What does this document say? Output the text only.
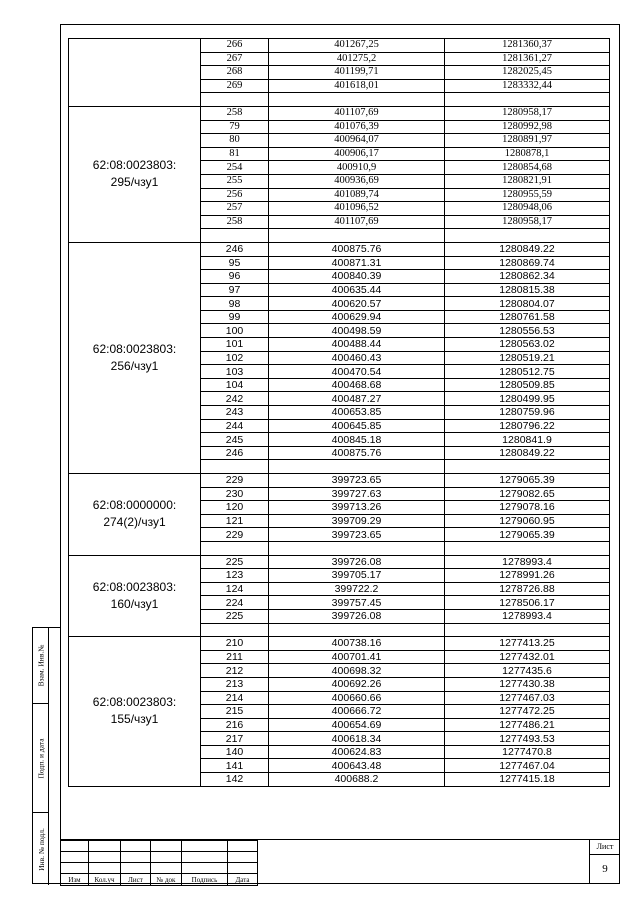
Взам. Инв.№
Подп. и дата
Инв. № подл.
	266	401267,25	1281360,37
	267	401275,2	1281361,27
	268	401199,71	1282025,45
	269	401618,01	1283332,44

62:08:0023803:
295/чзу1	258	401107,69	1280958,17
	79	401076,39	1280992,98
	80	400964,07	1280891,97
	81	400906,17	1280878,1
	254	400910,9	1280854,68
	255	400936,69	1280821,91
	256	401089,74	1280955,59
	257	401096,52	1280948,06
	258	401107,69	1280958,17

62:08:0023803:
256/чзу1	246	400875.76	1280849.22
	95	400871.31	1280869.74
	96	400840.39	1280862.34
	97	400635.44	1280815.38
	98	400620.57	1280804.07
	99	400629.94	1280761.58
	100	400498.59	1280556.53
	101	400488.44	1280563.02
	102	400460.43	1280519.21
	103	400470.54	1280512.75
	104	400468.68	1280509.85
	242	400487.27	1280499.95
	243	400653.85	1280759.96
	244	400645.85	1280796.22
	245	400845.18	1280841.9
	246	400875.76	1280849.22

62:08:0000000:
274(2)/чзу1	229	399723.65	1279065.39
	230	399727.63	1279082.65
	120	399713.26	1279078.16
	121	399709.29	1279060.95
	229	399723.65	1279065.39

62:08:0023803:
160/чзу1	225	399726.08	1278993.4
	123	399705.17	1278991.26
	124	399722.2	1278726.88
	224	399757.45	1278506.17
	225	399726.08	1278993.4

62:08:0023803:
155/чзу1	210	400738.16	1277413.25
	211	400701.41	1277432.01
	212	400698.32	1277435.6
	213	400692.26	1277430.38
	214	400660.66	1277467.03
	215	400666.72	1277472.25
	216	400654.69	1277486.21
	217	400618.34	1277493.53
	140	400624.83	1277470.8
	141	400643.48	1277467.04
	142	400688.2	1277415.18

Изм	Кол.уч	Лист	№ док	Подпись	Дата
Лист
9
